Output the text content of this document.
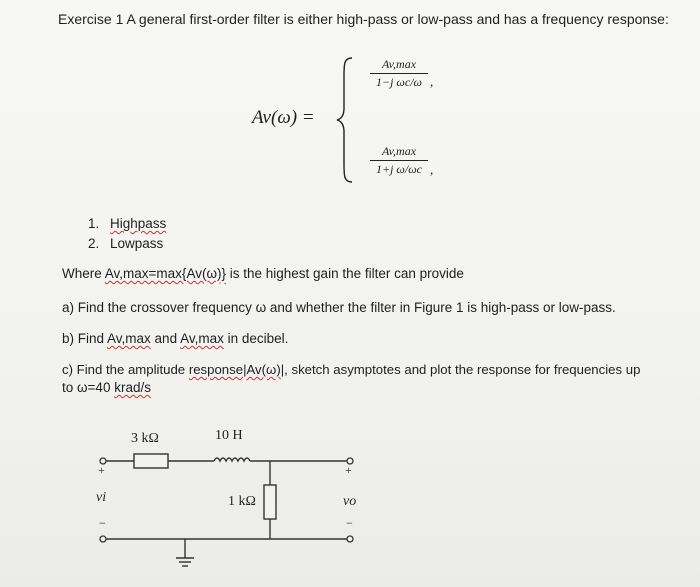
Exercise 1 A general first-order filter is either high-pass or low-pass and has a frequency response:
Av(ω) =
Av,max
1−j ωc/ω ,
Av,max
1+j ω/ωc ,
1. Highpass
2. Lowpass
Where Av,max=max{Av(ω)} is the highest gain the filter can provide
a) Find the crossover frequency ω and whether the filter in Figure 1 is high-pass or low-pass.
b) Find Av,max and Av,max in decibel.
c) Find the amplitude response|Av(ω)|, sketch asymptotes and plot the response for frequencies up
to ω=40 krad/s
3 kΩ	10 H
1 kΩ
+
vi
−
+
vo
−
